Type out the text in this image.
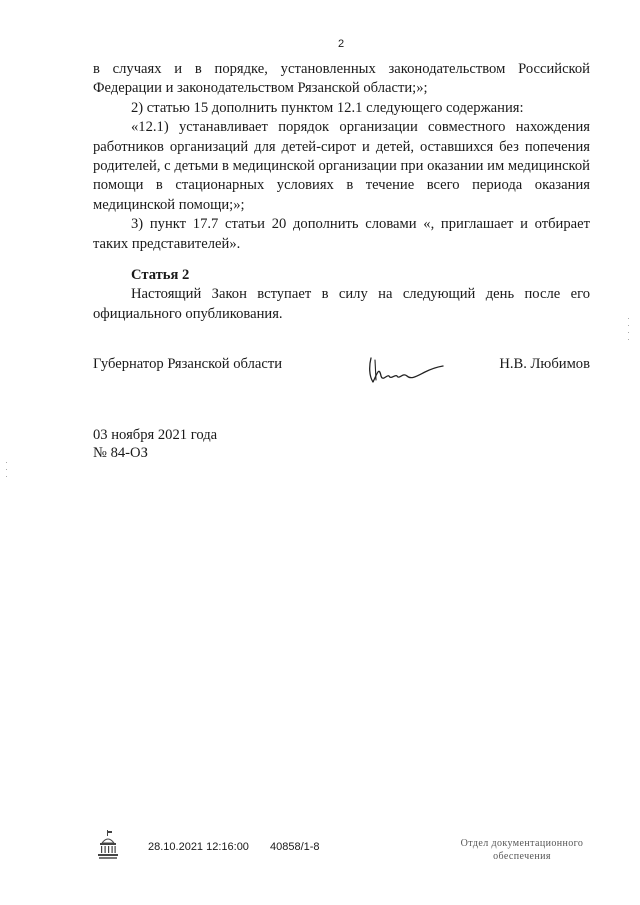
2

в случаях и в порядке, установленных законодательством Российской Федерации и законодательством Рязанской области;»;

2) статью 15 дополнить пунктом 12.1 следующего содержания:

«12.1) устанавливает порядок организации совместного нахождения работников организаций для детей-сирот и детей, оставшихся без попечения родителей, с детьми в медицинской организации при оказании им медицинской помощи в стационарных условиях в течение всего периода оказания медицинской помощи;»;

3) пункт 17.7 статьи 20 дополнить словами «, приглашает и отбирает таких представителей».

Статья 2

Настоящий Закон вступает в силу на следующий день после его официального опубликования.

Губернатор Рязанской области	Н.В. Любимов
03 ноября 2021 года
№ 84-ОЗ
28.10.2021 12:16:00 40858/1-8	Отдел документационного
обеспечения
